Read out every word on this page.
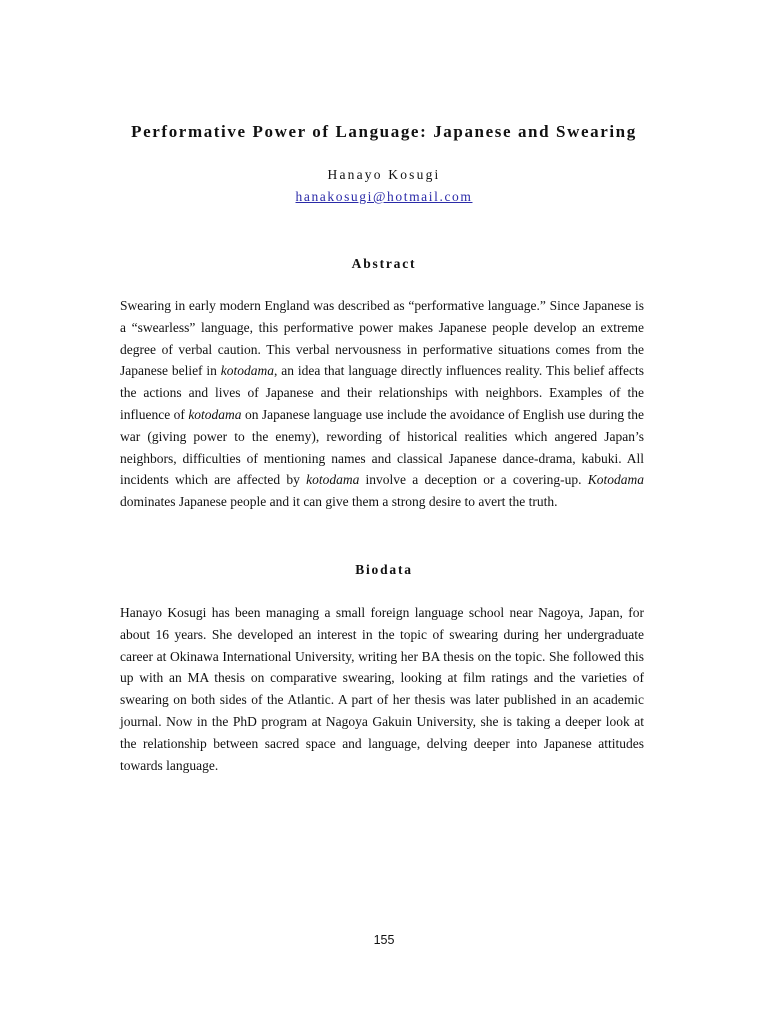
Performative Power of Language: Japanese and Swearing
Hanayo Kosugi
hanakosugi@hotmail.com
Abstract
Swearing in early modern England was described as “performative language.” Since Japanese is a “swearless” language, this performative power makes Japanese people develop an extreme degree of verbal caution. This verbal nervousness in performative situations comes from the Japanese belief in kotodama, an idea that language directly influences reality. This belief affects the actions and lives of Japanese and their relationships with neighbors. Examples of the influence of kotodama on Japanese language use include the avoidance of English use during the war (giving power to the enemy), rewording of historical realities which angered Japan’s neighbors, difficulties of mentioning names and classical Japanese dance-drama, kabuki. All incidents which are affected by kotodama involve a deception or a covering-up. Kotodama dominates Japanese people and it can give them a strong desire to avert the truth.
Biodata
Hanayo Kosugi has been managing a small foreign language school near Nagoya, Japan, for about 16 years. She developed an interest in the topic of swearing during her undergraduate career at Okinawa International University, writing her BA thesis on the topic. She followed this up with an MA thesis on comparative swearing, looking at film ratings and the varieties of swearing on both sides of the Atlantic. A part of her thesis was later published in an academic journal. Now in the PhD program at Nagoya Gakuin University, she is taking a deeper look at the relationship between sacred space and language, delving deeper into Japanese attitudes towards language.
155
